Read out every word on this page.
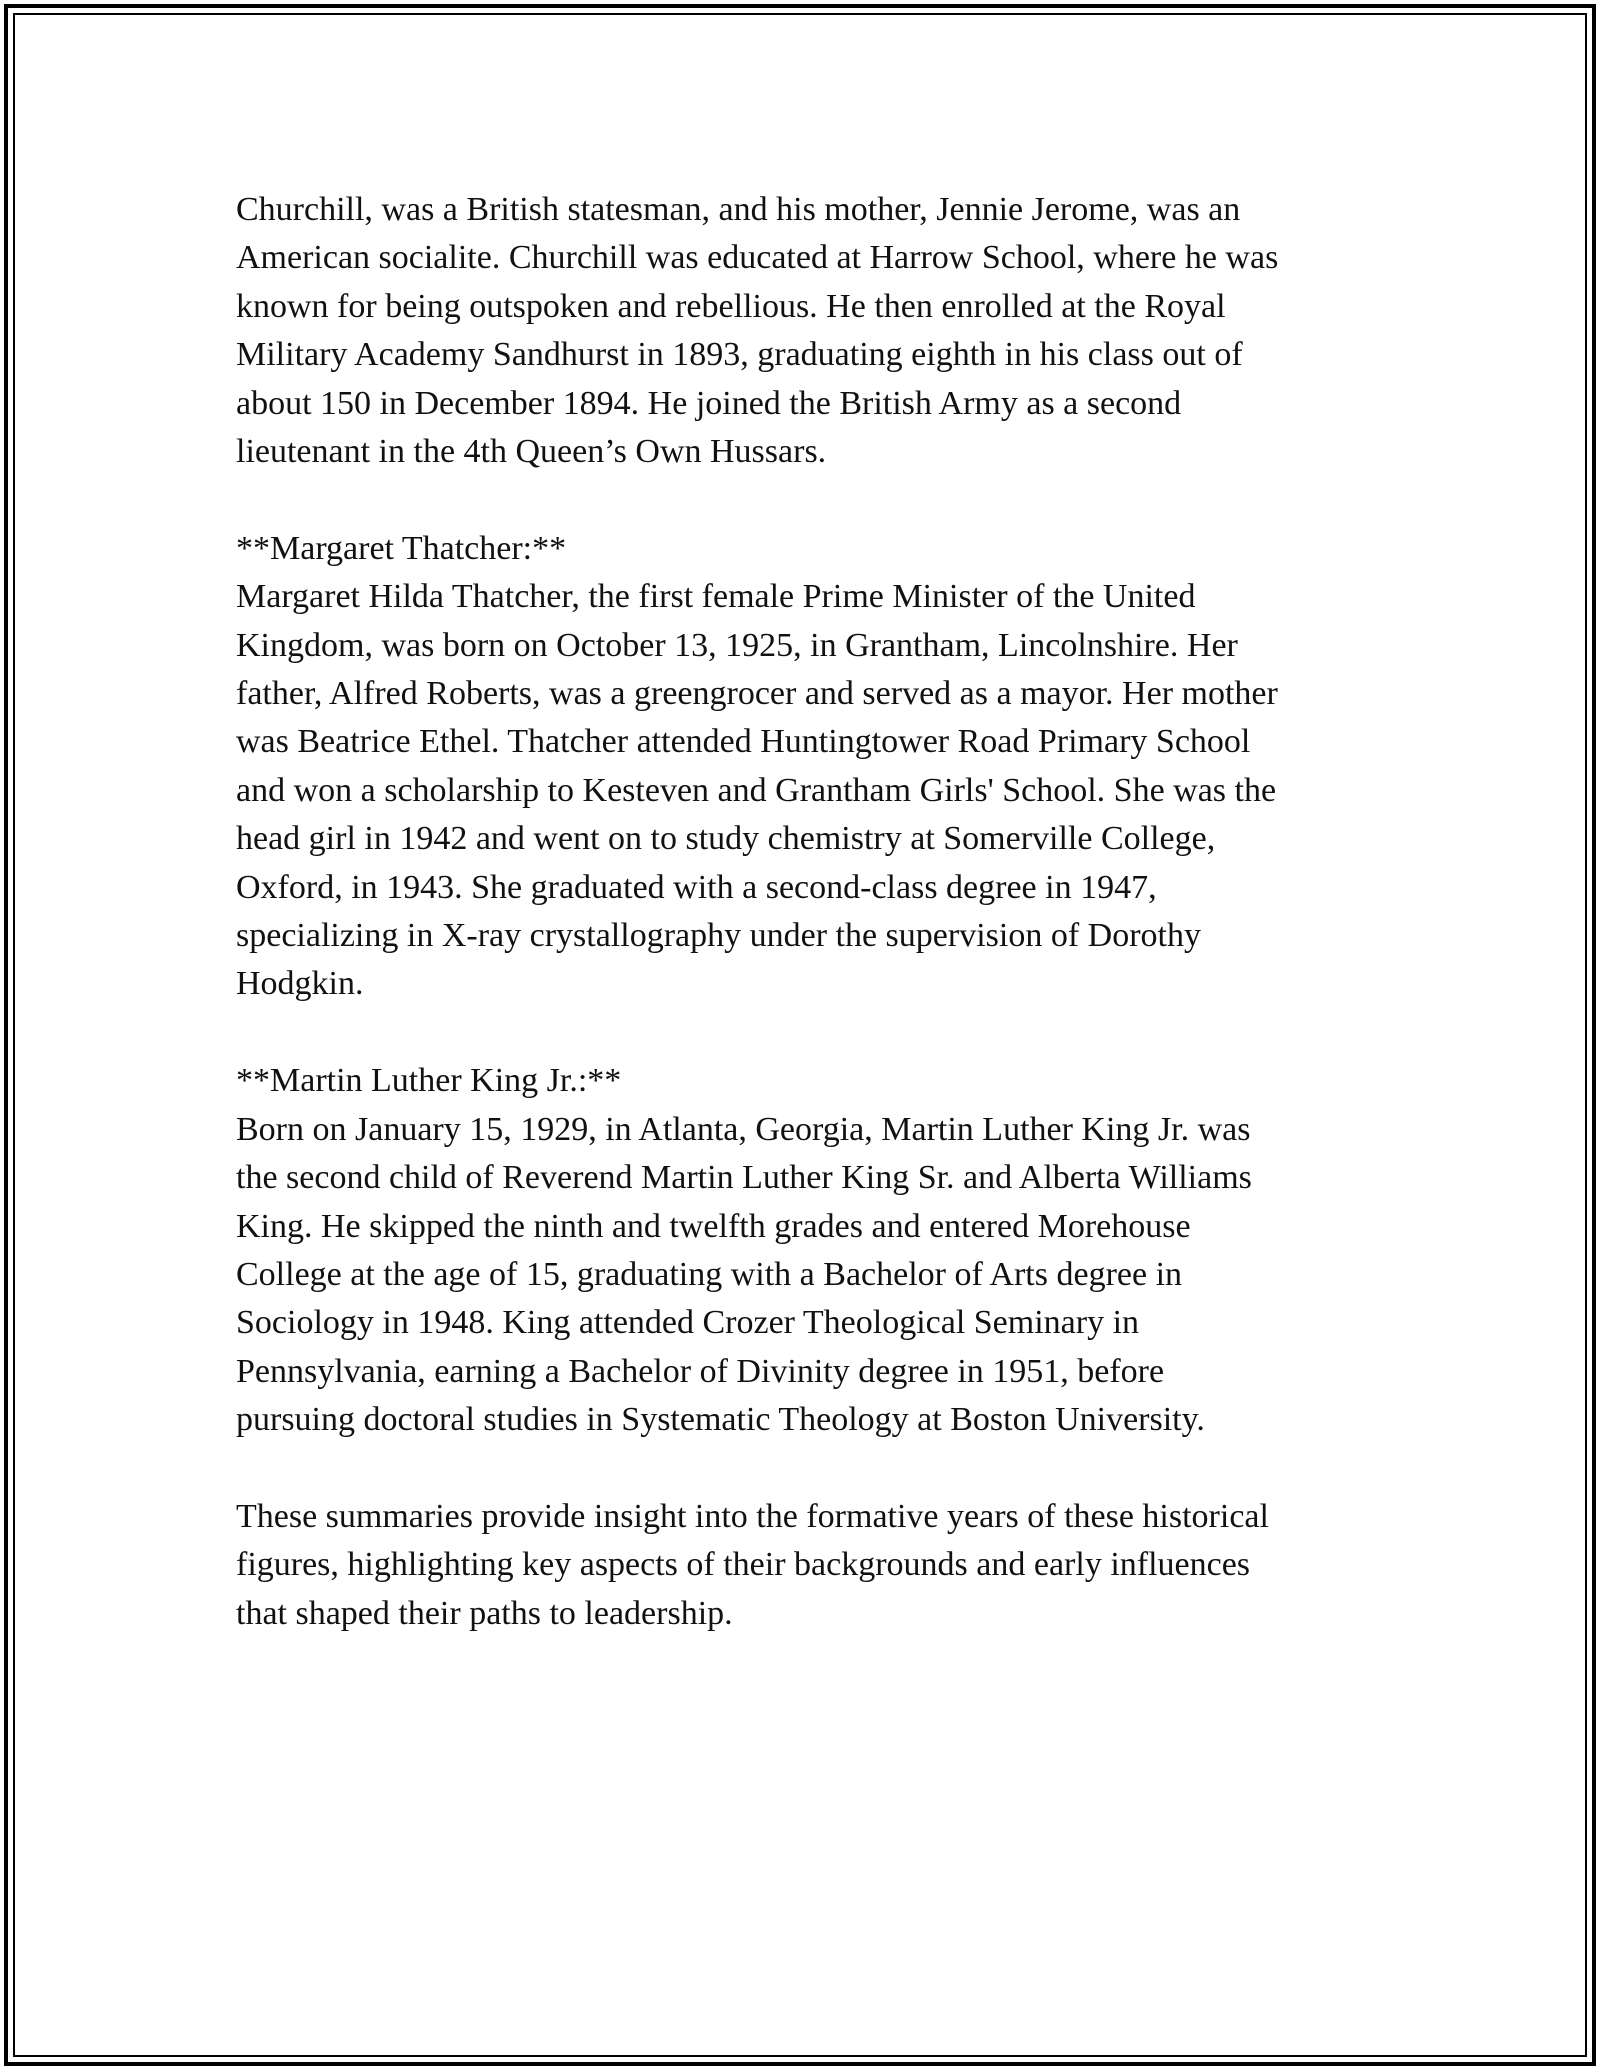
Churchill, was a British statesman, and his mother, Jennie Jerome, was an
American socialite. Churchill was educated at Harrow School, where he was
known for being outspoken and rebellious. He then enrolled at the Royal
Military Academy Sandhurst in 1893, graduating eighth in his class out of
about 150 in December 1894. He joined the British Army as a second
lieutenant in the 4th Queen’s Own Hussars.

**Margaret Thatcher:**
Margaret Hilda Thatcher, the first female Prime Minister of the United
Kingdom, was born on October 13, 1925, in Grantham, Lincolnshire. Her
father, Alfred Roberts, was a greengrocer and served as a mayor. Her mother
was Beatrice Ethel. Thatcher attended Huntingtower Road Primary School
and won a scholarship to Kesteven and Grantham Girls' School. She was the
head girl in 1942 and went on to study chemistry at Somerville College,
Oxford, in 1943. She graduated with a second-class degree in 1947,
specializing in X-ray crystallography under the supervision of Dorothy
Hodgkin.

**Martin Luther King Jr.:**
Born on January 15, 1929, in Atlanta, Georgia, Martin Luther King Jr. was
the second child of Reverend Martin Luther King Sr. and Alberta Williams
King. He skipped the ninth and twelfth grades and entered Morehouse
College at the age of 15, graduating with a Bachelor of Arts degree in
Sociology in 1948. King attended Crozer Theological Seminary in
Pennsylvania, earning a Bachelor of Divinity degree in 1951, before
pursuing doctoral studies in Systematic Theology at Boston University.

These summaries provide insight into the formative years of these historical
figures, highlighting key aspects of their backgrounds and early influences
that shaped their paths to leadership.
